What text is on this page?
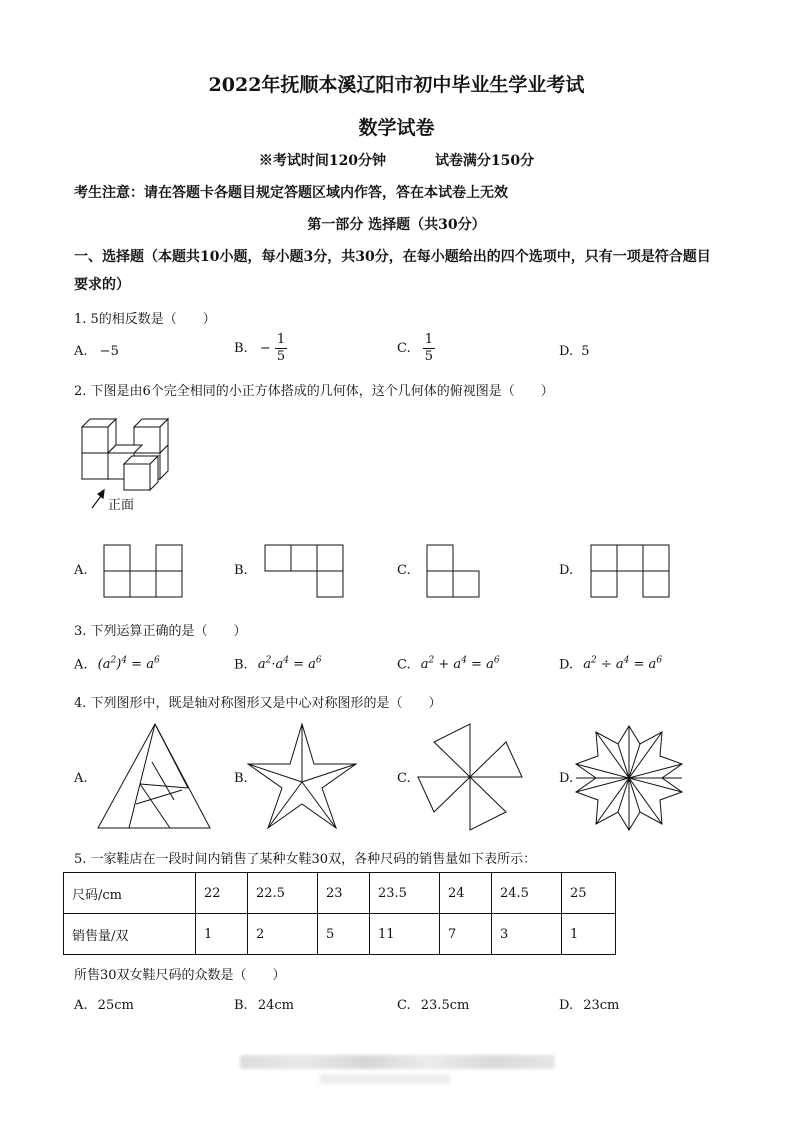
2022年抚顺本溪辽阳市初中毕业生学业考试
数学试卷
※考试时间120分钟	试卷满分150分
考生注意：请在答题卡各题目规定答题区域内作答，答在本试卷上无效
第一部分 选择题（共30分）
一、选择题（本题共10小题，每小题3分，共30分，在每小题给出的四个选项中，只有一项是符合题目要求的）
1. 5的相反数是（　　）
A. −5	B. − $\frac{1}{5}$	C. $\frac{1}{5}$	D. 5
2. 下图是由6个完全相同的小正方体搭成的几何体，这个几何体的俯视图是（　　）
正面
A.	B.	C.	D.
3. 下列运算正确的是（　　）
A. $(a^2)^4 = a^6$	B. $a^2\cdot a^4 = a^6$	C. $a^2 + a^4 = a^6$	D. $a^2 \div a^4 = a^6$
4. 下列图形中，既是轴对称图形又是中心对称图形的是（　　）
A.	B.	C.	D.
5. 一家鞋店在一段时间内销售了某种女鞋30双，各种尺码的销售量如下表所示：
尺码/cm	22	22.5	23	23.5	24	24.5	25
销售量/双	1	2	5	11	7	3	1
所售30双女鞋尺码的众数是（　　）
A. 25cm	B. 24cm	C. 23.5cm	D. 23cm
